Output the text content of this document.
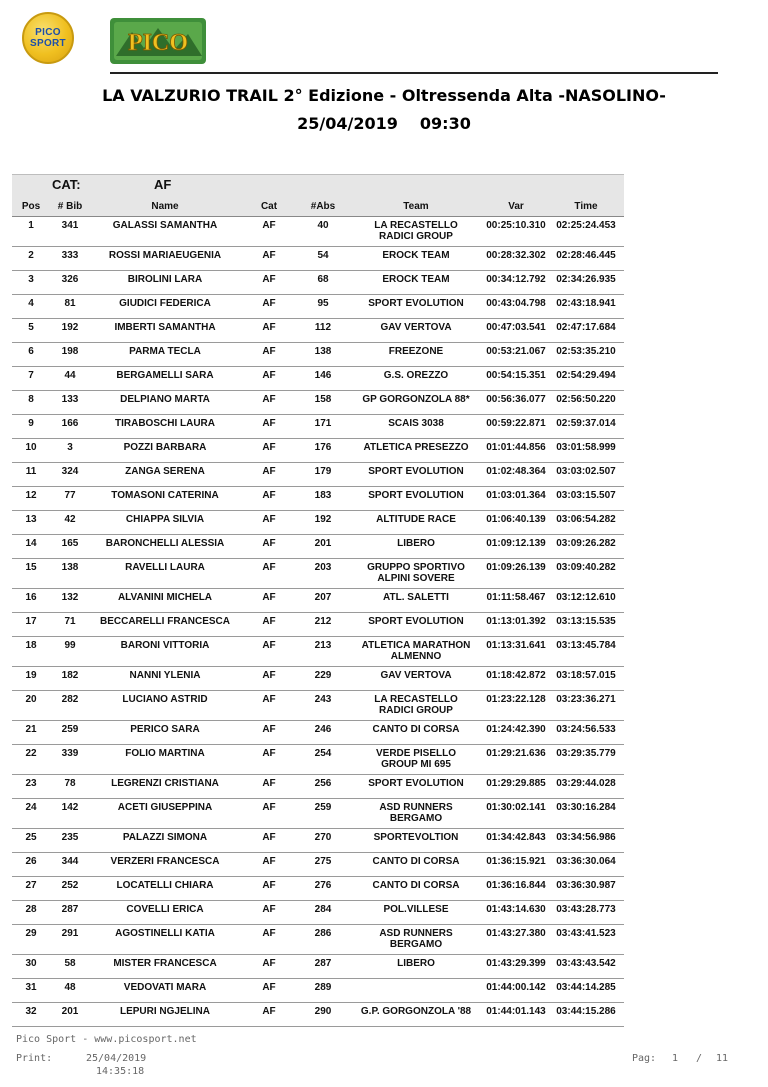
PICO
SPORT	PICO
LA VALZURIO TRAIL 2° Edizione - Oltressenda Alta -NASOLINO-
25/04/2019 09:30
CAT:	AF
Pos	# Bib	Name	Cat	#Abs	Team	Var	Time
1	341	GALASSI SAMANTHA	AF	40	LA RECASTELLO
RADICI GROUP	00:25:10.310	02:25:24.453
2	333	ROSSI MARIAEUGENIA	AF	54	EROCK TEAM	00:28:32.302	02:28:46.445
3	326	BIROLINI LARA	AF	68	EROCK TEAM	00:34:12.792	02:34:26.935
4	81	GIUDICI FEDERICA	AF	95	SPORT EVOLUTION	00:43:04.798	02:43:18.941
5	192	IMBERTI SAMANTHA	AF	112	GAV VERTOVA	00:47:03.541	02:47:17.684
6	198	PARMA TECLA	AF	138	FREEZONE	00:53:21.067	02:53:35.210
7	44	BERGAMELLI SARA	AF	146	G.S. OREZZO	00:54:15.351	02:54:29.494
8	133	DELPIANO MARTA	AF	158	GP GORGONZOLA 88*	00:56:36.077	02:56:50.220
9	166	TIRABOSCHI LAURA	AF	171	SCAIS 3038	00:59:22.871	02:59:37.014
10	3	POZZI BARBARA	AF	176	ATLETICA PRESEZZO	01:01:44.856	03:01:58.999
11	324	ZANGA SERENA	AF	179	SPORT EVOLUTION	01:02:48.364	03:03:02.507
12	77	TOMASONI CATERINA	AF	183	SPORT EVOLUTION	01:03:01.364	03:03:15.507
13	42	CHIAPPA SILVIA	AF	192	ALTITUDE RACE	01:06:40.139	03:06:54.282
14	165	BARONCHELLI ALESSIA	AF	201	LIBERO	01:09:12.139	03:09:26.282
15	138	RAVELLI LAURA	AF	203	GRUPPO SPORTIVO
ALPINI SOVERE	01:09:26.139	03:09:40.282
16	132	ALVANINI MICHELA	AF	207	ATL. SALETTI	01:11:58.467	03:12:12.610
17	71	BECCARELLI FRANCESCA	AF	212	SPORT EVOLUTION	01:13:01.392	03:13:15.535
18	99	BARONI VITTORIA	AF	213	ATLETICA MARATHON
ALMENNO	01:13:31.641	03:13:45.784
19	182	NANNI YLENIA	AF	229	GAV VERTOVA	01:18:42.872	03:18:57.015
20	282	LUCIANO ASTRID	AF	243	LA RECASTELLO
RADICI GROUP	01:23:22.128	03:23:36.271
21	259	PERICO SARA	AF	246	CANTO DI CORSA	01:24:42.390	03:24:56.533
22	339	FOLIO MARTINA	AF	254	VERDE PISELLO
GROUP MI 695	01:29:21.636	03:29:35.779
23	78	LEGRENZI CRISTIANA	AF	256	SPORT EVOLUTION	01:29:29.885	03:29:44.028
24	142	ACETI GIUSEPPINA	AF	259	ASD RUNNERS
BERGAMO	01:30:02.141	03:30:16.284
25	235	PALAZZI SIMONA	AF	270	SPORTEVOLTION	01:34:42.843	03:34:56.986
26	344	VERZERI FRANCESCA	AF	275	CANTO DI CORSA	01:36:15.921	03:36:30.064
27	252	LOCATELLI CHIARA	AF	276	CANTO DI CORSA	01:36:16.844	03:36:30.987
28	287	COVELLI ERICA	AF	284	POL.VILLESE	01:43:14.630	03:43:28.773
29	291	AGOSTINELLI KATIA	AF	286	ASD RUNNERS
BERGAMO	01:43:27.380	03:43:41.523
30	58	MISTER FRANCESCA	AF	287	LIBERO	01:43:29.399	03:43:43.542
31	48	VEDOVATI MARA	AF	289		01:44:00.142	03:44:14.285
32	201	LEPURI NGJELINA	AF	290	G.P. GORGONZOLA '88	01:44:01.143	03:44:15.286
Pico Sport - www.picosport.net
Print:	25/04/2019
14:35:18
Pag: 1 / 11
